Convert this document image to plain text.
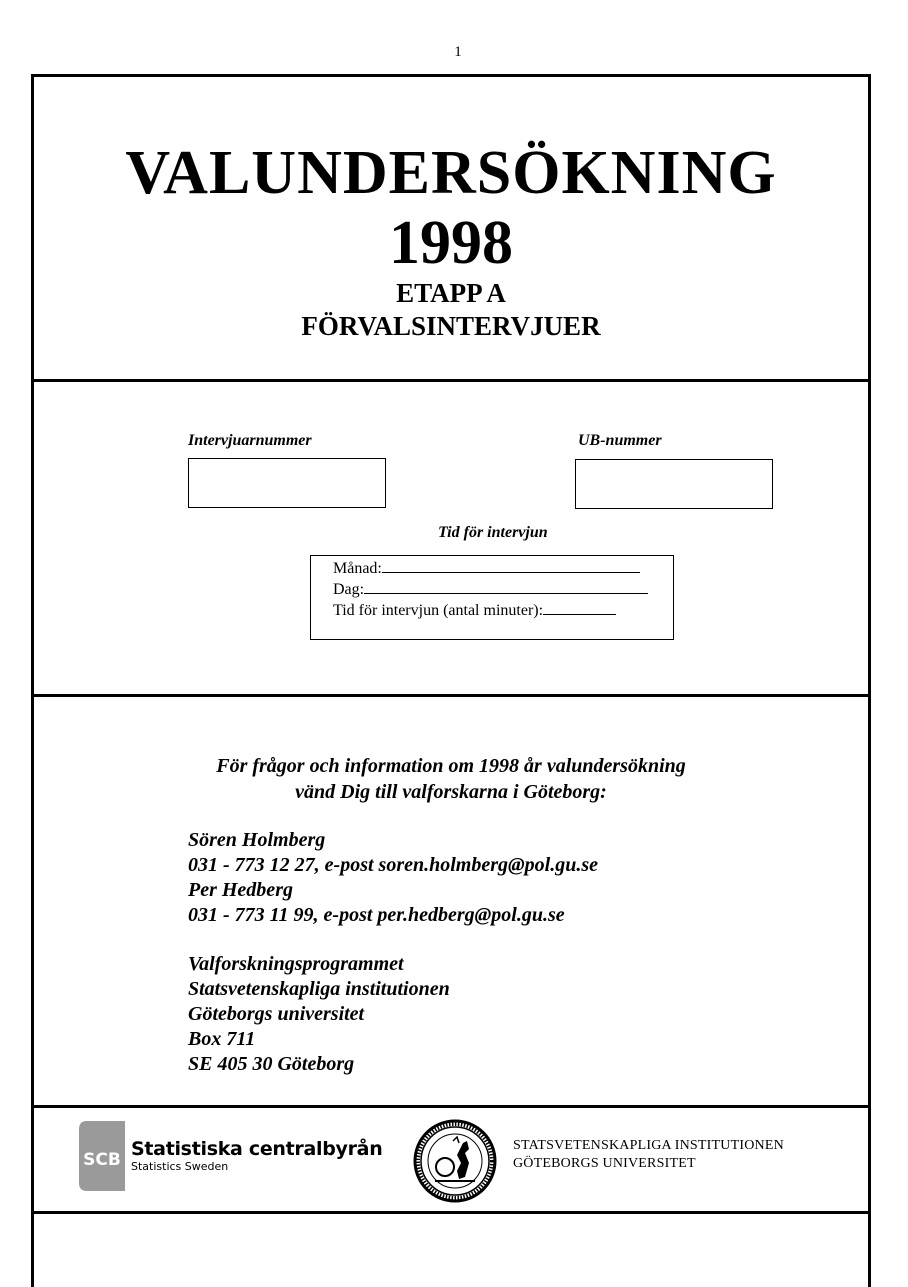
1
VALUNDERSÖKNING
1998
ETAPP A
FÖRVALSINTERVJUER
Intervjuarnummer	UB-nummer
Tid för intervjun
Månad:
Dag:
Tid för intervjun (antal minuter):
För frågor och information om 1998 år valundersökning
vänd Dig till valforskarna i Göteborg:
Sören Holmberg
031 - 773 12 27, e-post soren.holmberg@pol.gu.se
Per Hedberg
031 - 773 11 99, e-post per.hedberg@pol.gu.se
Valforskningsprogrammet
Statsvetenskapliga institutionen
Göteborgs universitet
Box 711
SE 405 30 Göteborg
SCB Statistiska centralbyrån
Statistics Sweden
STATSVETENSKAPLIGA INSTITUTIONEN
GÖTEBORGS UNIVERSITET
